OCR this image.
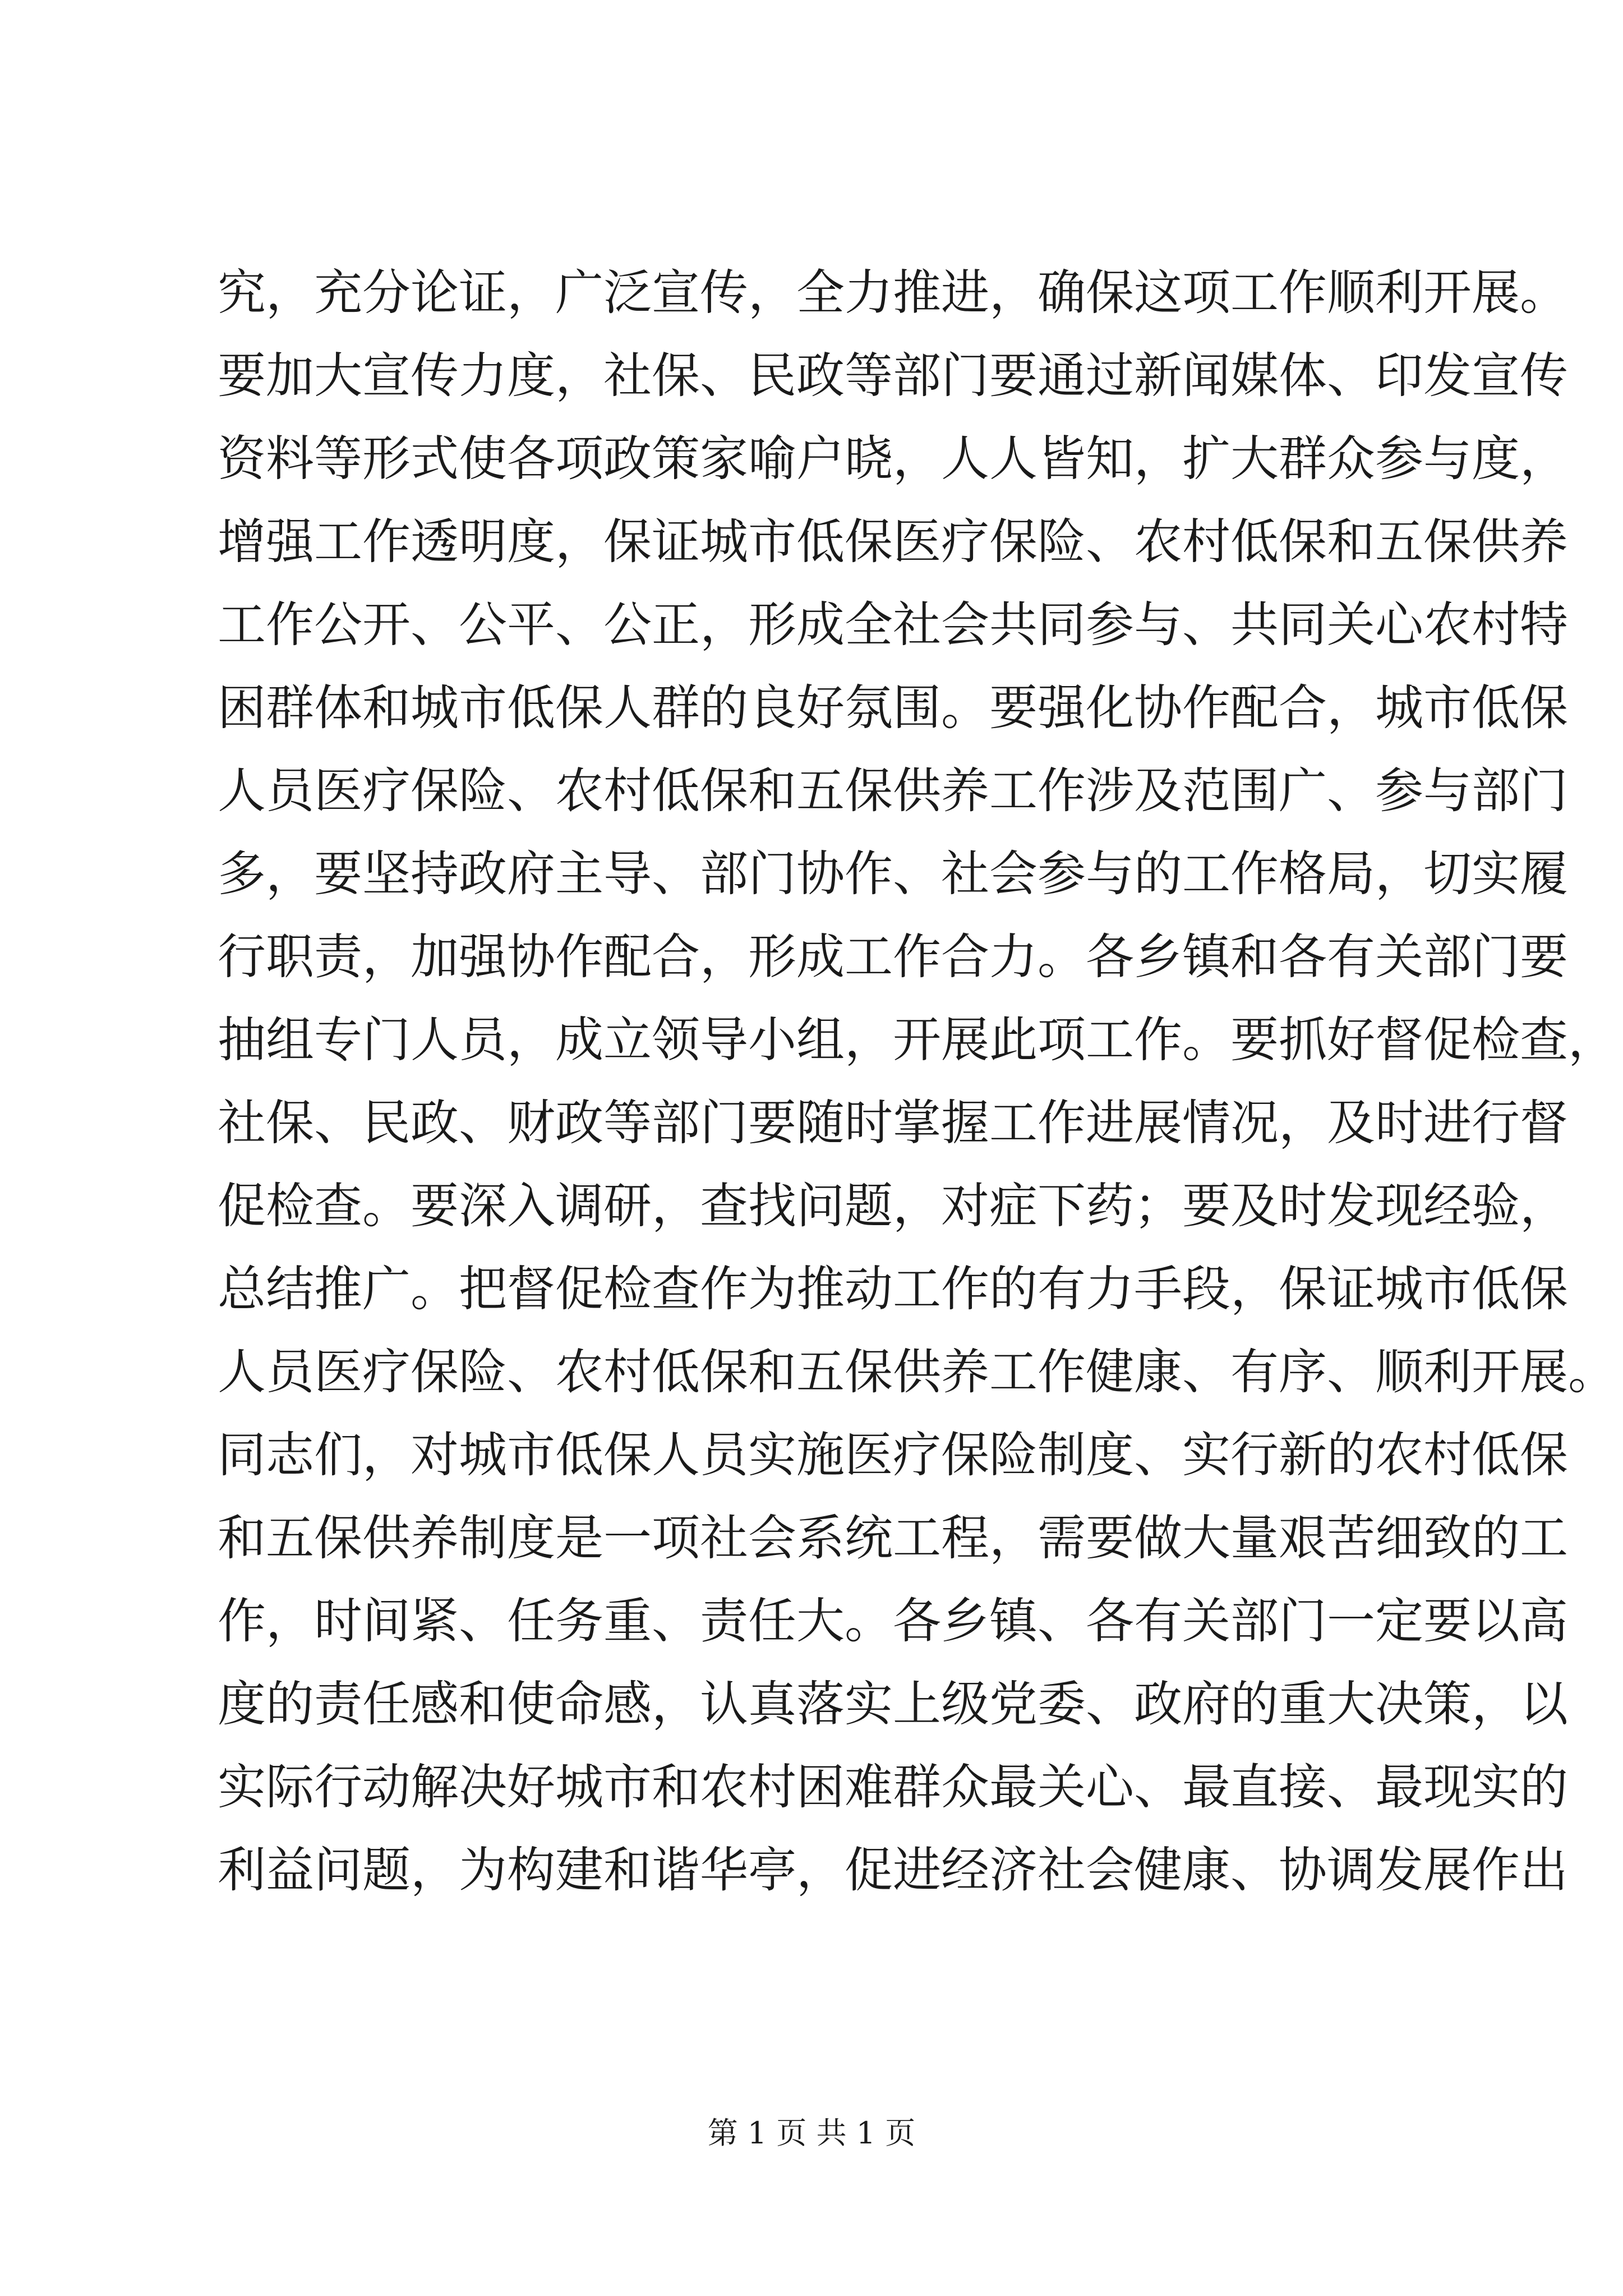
究，充分论证，广泛宣传，全力推进，确保这项工作顺利开展。
要加大宣传力度，社保、民政等部门要通过新闻媒体、印发宣传
资料等形式使各项政策家喻户晓，人人皆知，扩大群众参与度，
增强工作透明度，保证城市低保医疗保险、农村低保和五保供养
工作公开、公平、公正，形成全社会共同参与、共同关心农村特
困群体和城市低保人群的良好氛围。要强化协作配合，城市低保
人员医疗保险、农村低保和五保供养工作涉及范围广、参与部门
多，要坚持政府主导、部门协作、社会参与的工作格局，切实履
行职责，加强协作配合，形成工作合力。各乡镇和各有关部门要
抽组专门人员，成立领导小组，开展此项工作。要抓好督促检查，
社保、民政、财政等部门要随时掌握工作进展情况，及时进行督
促检查。要深入调研，查找问题，对症下药；要及时发现经验，
总结推广。把督促检查作为推动工作的有力手段，保证城市低保
人员医疗保险、农村低保和五保供养工作健康、有序、顺利开展。
同志们，对城市低保人员实施医疗保险制度、实行新的农村低保
和五保供养制度是一项社会系统工程，需要做大量艰苦细致的工
作，时间紧、任务重、责任大。各乡镇、各有关部门一定要以高
度的责任感和使命感，认真落实上级党委、政府的重大决策，以
实际行动解决好城市和农村困难群众最关心、最直接、最现实的
利益问题，为构建和谐华亭，促进经济社会健康、协调发展作出
第 1 页 共 1 页
